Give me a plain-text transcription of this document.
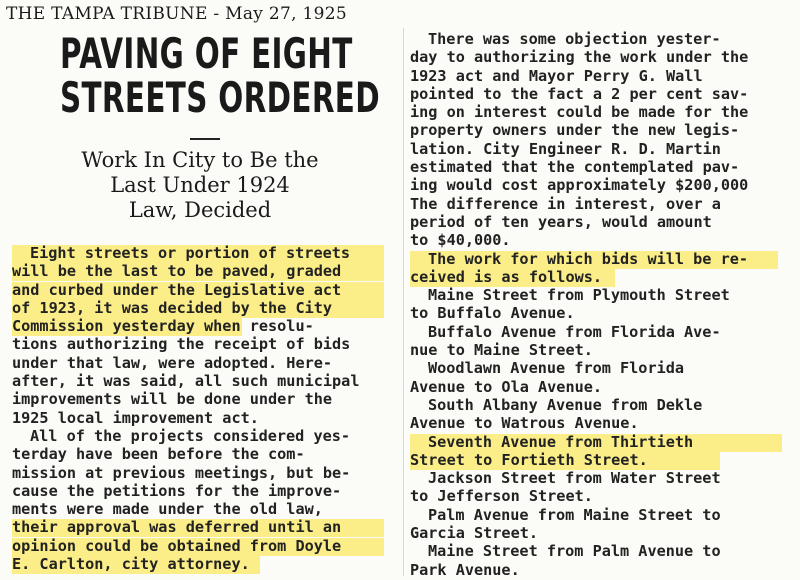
THE TAMPA TRIBUNE - May 27, 1925
PAVING OF EIGHT
STREETS ORDERED
Work In City to Be the
Last Under 1924
Law, Decided
Eight streets or portion of streets
will be the last to be paved, graded
and curbed under the Legislative act
of 1923, it was decided by the City
Commission yesterday when resolu-
tions authorizing the receipt of bids
under that law, were adopted. Here-
after, it was said, all such municipal
improvements will be done under the
1925 local improvement act.
All of the projects considered yes-
terday have been before the com-
mission at previous meetings, but be-
cause the petitions for the improve-
ments were made under the old law,
their approval was deferred until an
opinion could be obtained from Doyle
E. Carlton, city attorney.
There was some objection yester-
day to authorizing the work under the
1923 act and Mayor Perry G. Wall
pointed to the fact a 2 per cent sav-
ing on interest could be made for the
property owners under the new legis-
lation. City Engineer R. D. Martin
estimated that the contemplated pav-
ing would cost approximately $200,000
The difference in interest, over a
period of ten years, would amount
to $40,000.
The work for which bids will be re-
ceived is as follows.
Maine Street from Plymouth Street
to Buffalo Avenue.
Buffalo Avenue from Florida Ave-
nue to Maine Street.
Woodlawn Avenue from Florida
Avenue to Ola Avenue.
South Albany Avenue from Dekle
Avenue to Watrous Avenue.
Seventh Avenue from Thirtieth
Street to Fortieth Street.
Jackson Street from Water Street
to Jefferson Street.
Palm Avenue from Maine Street to
Garcia Street.
Maine Street from Palm Avenue to
Park Avenue.
